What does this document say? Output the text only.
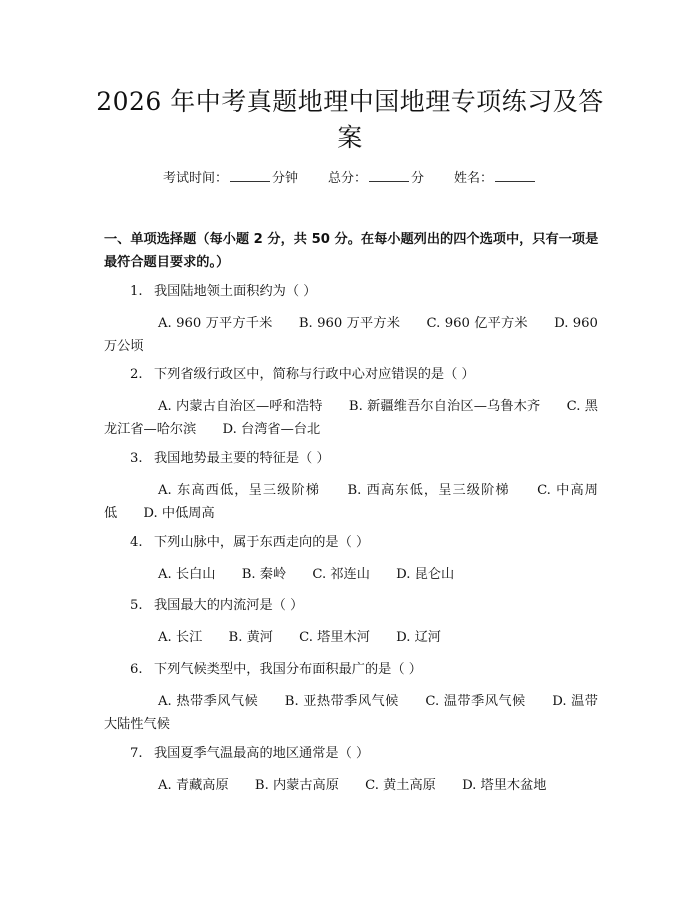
2026 年中考真题地理中国地理专项练习及答
案
考试时间：	分钟 总分：	分 姓名：
一、单项选择题（每小题 2 分，共 50 分。在每小题列出的四个选项中，只有一项是最符合题目要求的。）
1. 我国陆地领土面积约为（ ）
A. 960 万平方千米 B. 960 万平方米 C. 960 亿平方米 D. 960 万公顷
2. 下列省级行政区中，简称与行政中心对应错误的是（ ）
A. 内蒙古自治区—呼和浩特 B. 新疆维吾尔自治区—乌鲁木齐 C. 黑龙江省—哈尔滨 D. 台湾省—台北
3. 我国地势最主要的特征是（ ）
A. 东高西低，呈三级阶梯 B. 西高东低，呈三级阶梯 C. 中高周低 D. 中低周高
4. 下列山脉中，属于东西走向的是（ ）
A. 长白山 B. 秦岭 C. 祁连山 D. 昆仑山
5. 我国最大的内流河是（ ）
A. 长江 B. 黄河 C. 塔里木河 D. 辽河
6. 下列气候类型中，我国分布面积最广的是（ ）
A. 热带季风气候 B. 亚热带季风气候 C. 温带季风气候 D. 温带大陆性气候
7. 我国夏季气温最高的地区通常是（ ）
A. 青藏高原 B. 内蒙古高原 C. 黄土高原 D. 塔里木盆地
